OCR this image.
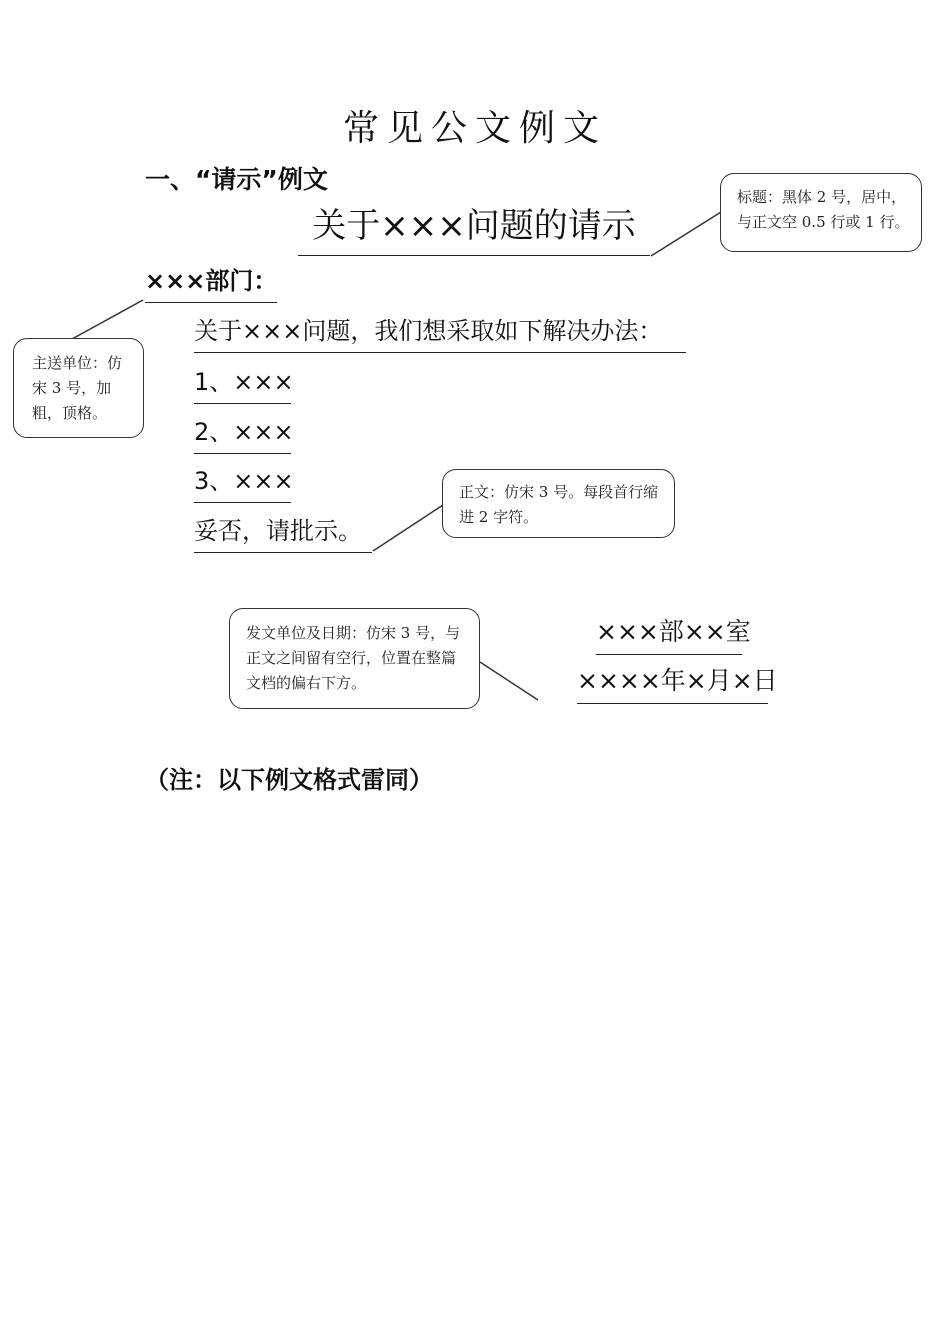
常见公文例文
一、“请示”例文
关于×××问题的请示
标题：黑体 2 号，居中，与正文空 0.5 行或 1 行。
×××部门：
主送单位：仿宋 3 号，加粗，顶格。
关于×××问题，我们想采取如下解决办法：
1、×××
2、×××
3、×××
妥否，请批示。
正文：仿宋 3 号。每段首行缩进 2 字符。
发文单位及日期：仿宋 3 号，与正文之间留有空行，位置在整篇文档的偏右下方。
×××部××室
××××年×月×日
（注：以下例文格式雷同）
